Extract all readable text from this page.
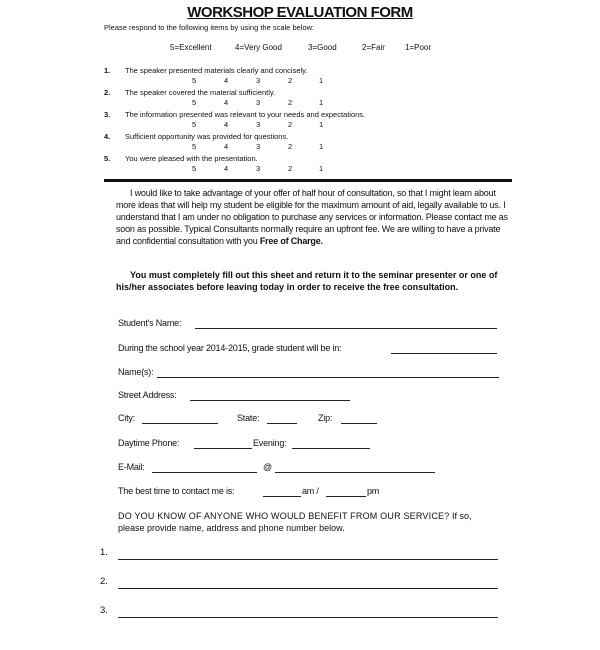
WORKSHOP EVALUATION FORM
Please respond to the following items by using the scale below:
5=Excellent	4=Very Good	3=Good	2=Fair	1=Poor
1. The speaker presented materials clearly and concisely.
5	4	3	2	1
2. The speaker covered the material sufficiently.
5	4	3	2	1
3. The information presented was relevant to your needs and expectations.
5	4	3	2	1
4. Sufficient opportunity was provided for questions.
5	4	3	2	1
5. You were pleased with the presentation.
5	4	3	2	1
I would like to take advantage of your offer of half hour of consultation, so that I might learn about more ideas that will help my student be eligible for the maximum amount of aid, legally available to us. I understand that I am under no obligation to purchase any services or information. Please contact me as soon as possible. Typical Consultants normally require an upfront fee. We are willing to have a private and confidential consultation with you Free of Charge.
You must completely fill out this sheet and return it to the seminar presenter or one of his/her associates before leaving today in order to receive the free consultation.
Student's Name:
During the school year 2014-2015, grade student will be in:
Name(s):
Street Address:
City:	State:	Zip:
Daytime Phone:	Evening:
E-Mail:	@
The best time to contact me is:	am /	pm
DO YOU KNOW OF ANYONE WHO WOULD BENEFIT FROM OUR SERVICE? If so, please provide name, address and phone number below.
1.
2.
3.
